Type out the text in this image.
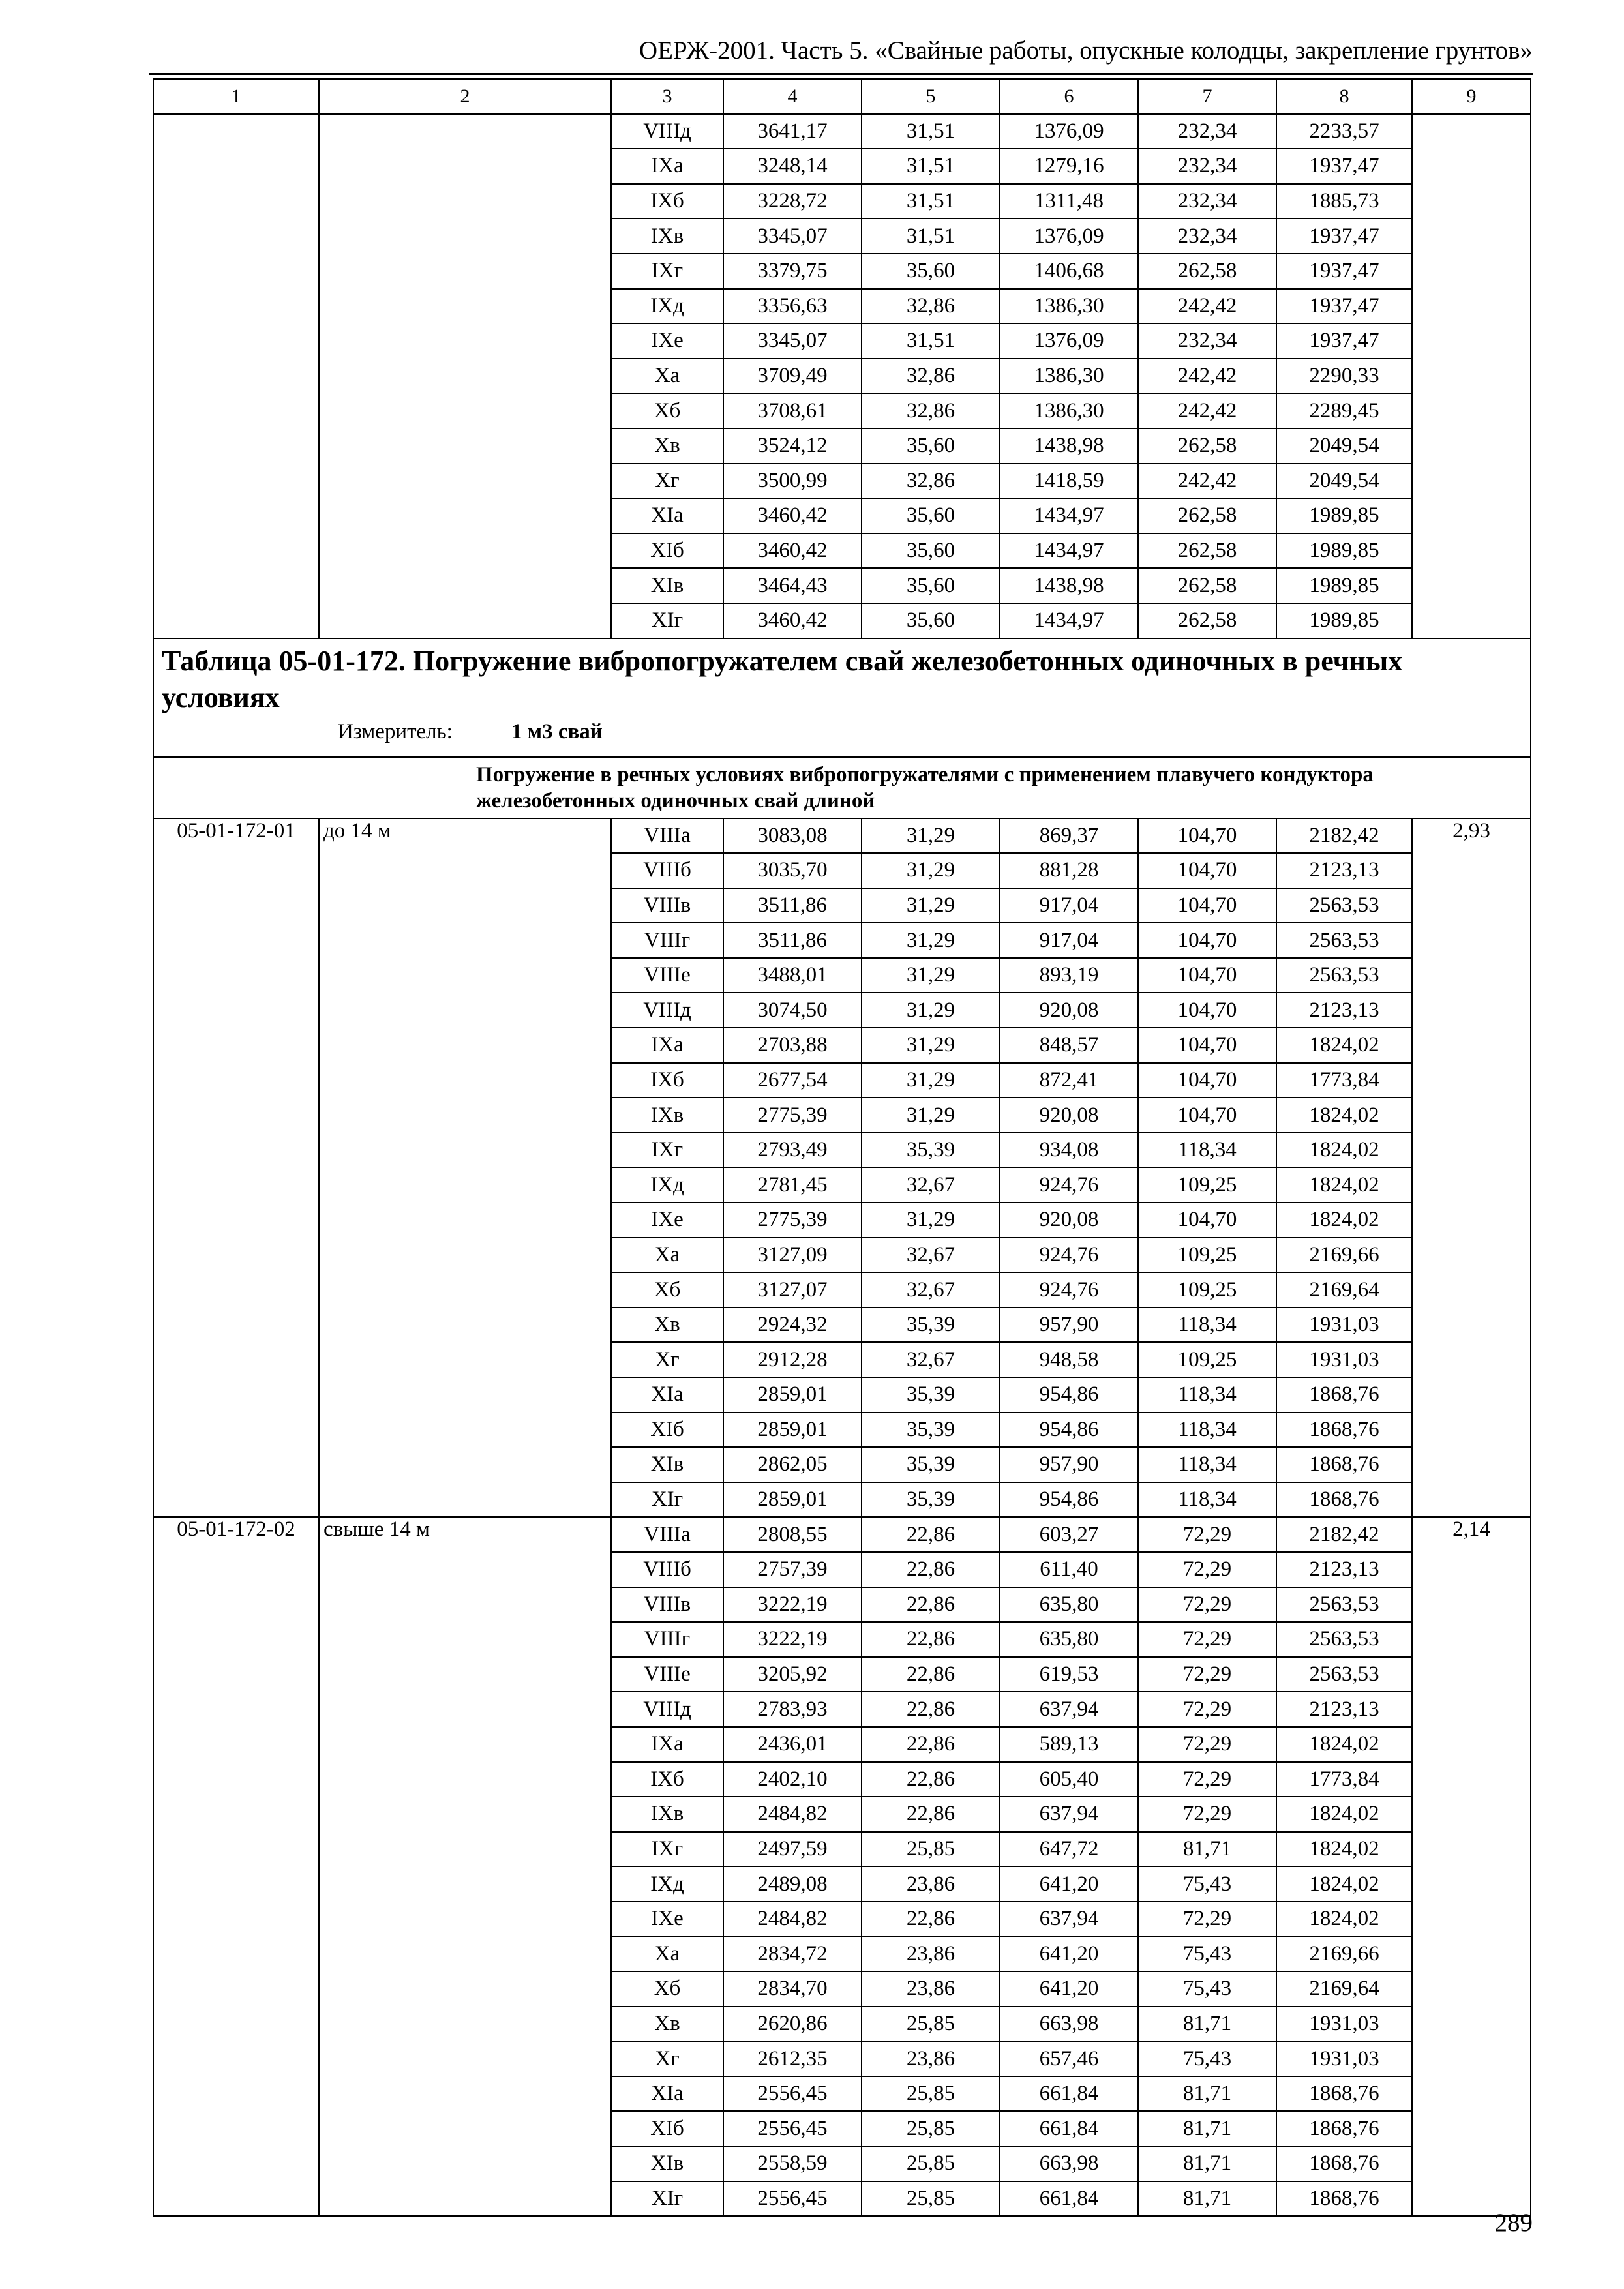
ОЕРЖ-2001. Часть 5. «Свайные работы, опускные колодцы, закрепление грунтов»
1	2	3	4	5	6	7	8	9
		VIIIд	3641,17	31,51	1376,09	232,34	2233,57	
		IXа	3248,14	31,51	1279,16	232,34	1937,47	
		IXб	3228,72	31,51	1311,48	232,34	1885,73	
		IXв	3345,07	31,51	1376,09	232,34	1937,47	
		IXг	3379,75	35,60	1406,68	262,58	1937,47	
		IXд	3356,63	32,86	1386,30	242,42	1937,47	
		IXе	3345,07	31,51	1376,09	232,34	1937,47	
		Xа	3709,49	32,86	1386,30	242,42	2290,33	
		Xб	3708,61	32,86	1386,30	242,42	2289,45	
		Xв	3524,12	35,60	1438,98	262,58	2049,54	
		Xг	3500,99	32,86	1418,59	242,42	2049,54	
		XIа	3460,42	35,60	1434,97	262,58	1989,85	
		XIб	3460,42	35,60	1434,97	262,58	1989,85	
		XIв	3464,43	35,60	1438,98	262,58	1989,85	
		XIг	3460,42	35,60	1434,97	262,58	1989,85	

Таблица 05-01-172. Погружение вибропогружателем свай железобетонных одиночных в речных условиях
Измеритель: 1 м3 свай								

Погружение в речных условиях вибропогружателями с применением плавучего кондуктора железобетонных одиночных свай длиной								
05-01-172-01	до 14 м	VIIIа	3083,08	31,29	869,37	104,70	2182,42	2,93
		VIIIб	3035,70	31,29	881,28	104,70	2123,13	
		VIIIв	3511,86	31,29	917,04	104,70	2563,53	
		VIIIг	3511,86	31,29	917,04	104,70	2563,53	
		VIIIе	3488,01	31,29	893,19	104,70	2563,53	
		VIIIд	3074,50	31,29	920,08	104,70	2123,13	
		IXа	2703,88	31,29	848,57	104,70	1824,02	
		IXб	2677,54	31,29	872,41	104,70	1773,84	
		IXв	2775,39	31,29	920,08	104,70	1824,02	
		IXг	2793,49	35,39	934,08	118,34	1824,02	
		IXд	2781,45	32,67	924,76	109,25	1824,02	
		IXе	2775,39	31,29	920,08	104,70	1824,02	
		Xа	3127,09	32,67	924,76	109,25	2169,66	
		Xб	3127,07	32,67	924,76	109,25	2169,64	
		Xв	2924,32	35,39	957,90	118,34	1931,03	
		Xг	2912,28	32,67	948,58	109,25	1931,03	
		XIа	2859,01	35,39	954,86	118,34	1868,76	
		XIб	2859,01	35,39	954,86	118,34	1868,76	
		XIв	2862,05	35,39	957,90	118,34	1868,76	
		XIг	2859,01	35,39	954,86	118,34	1868,76	
05-01-172-02	свыше 14 м	VIIIа	2808,55	22,86	603,27	72,29	2182,42	2,14
		VIIIб	2757,39	22,86	611,40	72,29	2123,13	
		VIIIв	3222,19	22,86	635,80	72,29	2563,53	
		VIIIг	3222,19	22,86	635,80	72,29	2563,53	
		VIIIе	3205,92	22,86	619,53	72,29	2563,53	
		VIIIд	2783,93	22,86	637,94	72,29	2123,13	
		IXа	2436,01	22,86	589,13	72,29	1824,02	
		IXб	2402,10	22,86	605,40	72,29	1773,84	
		IXв	2484,82	22,86	637,94	72,29	1824,02	
		IXг	2497,59	25,85	647,72	81,71	1824,02	
		IXд	2489,08	23,86	641,20	75,43	1824,02	
		IXе	2484,82	22,86	637,94	72,29	1824,02	
		Xа	2834,72	23,86	641,20	75,43	2169,66	
		Xб	2834,70	23,86	641,20	75,43	2169,64	
		Xв	2620,86	25,85	663,98	81,71	1931,03	
		Xг	2612,35	23,86	657,46	75,43	1931,03	
		XIа	2556,45	25,85	661,84	81,71	1868,76	
		XIб	2556,45	25,85	661,84	81,71	1868,76	
		XIв	2558,59	25,85	663,98	81,71	1868,76	
		XIг	2556,45	25,85	661,84	81,71	1868,76	
289
